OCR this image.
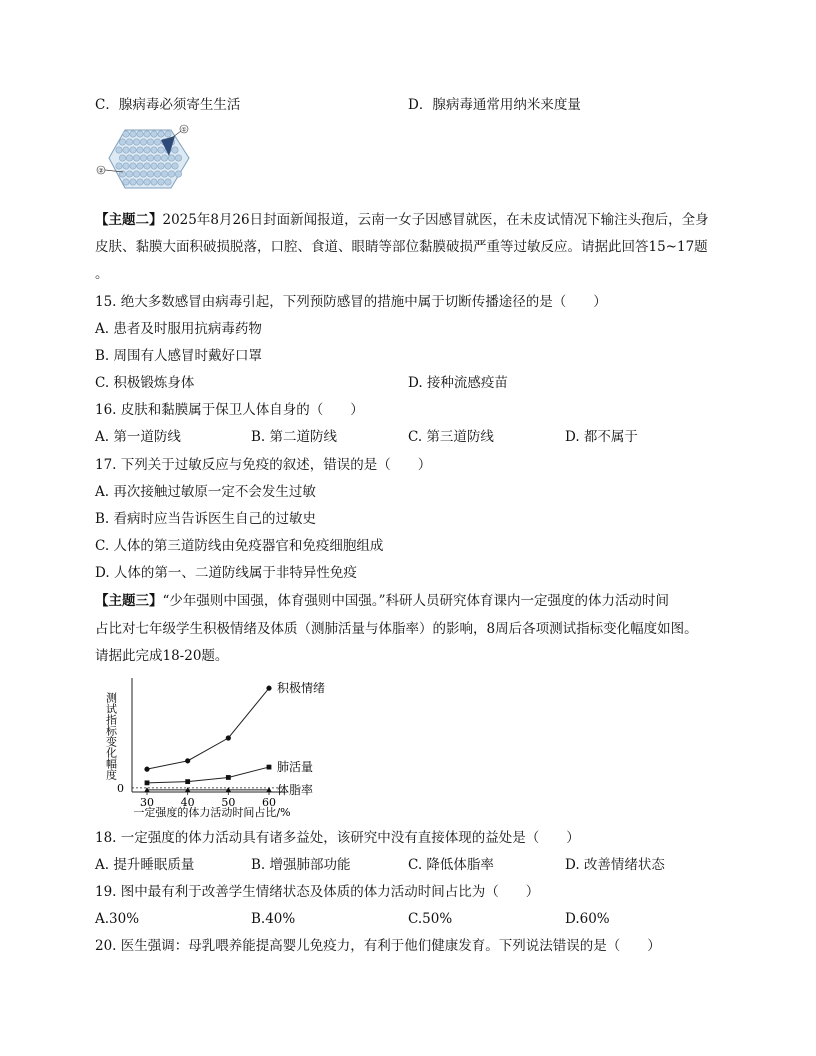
C．腺病毒必须寄生生活	D．腺病毒通常用纳米来度量
①
②
【主题二】2025年8月26日封面新闻报道，云南一女子因感冒就医，在未皮试情况下输注头孢后，全身
皮肤、黏膜大面积破损脱落，口腔、食道、眼睛等部位黏膜破损严重等过敏反应。请据此回答15~17题
。
15. 绝大多数感冒由病毒引起，下列预防感冒的措施中属于切断传播途径的是（　　）
A. 患者及时服用抗病毒药物
B. 周围有人感冒时戴好口罩
C. 积极锻炼身体	D. 接种流感疫苗
16. 皮肤和黏膜属于保卫人体自身的（　　）
A. 第一道防线	B. 第二道防线	C. 第三道防线	D. 都不属于
17. 下列关于过敏反应与免疫的叙述，错误的是（　　）
A. 再次接触过敏原一定不会发生过敏
B. 看病时应当告诉医生自己的过敏史
C. 人体的第三道防线由免疫器官和免疫细胞组成
D. 人体的第一、二道防线属于非特异性免疫
【主题三】“少年强则中国强，体育强则中国强。”科研人员研究体育课内一定强度的体力活动时间
占比对七年级学生积极情绪及体质（测肺活量与体脂率）的影响，8周后各项测试指标变化幅度如图。
请据此完成18-20题。
测试指标变化幅度
一定强度的体力活动时间占比/%
0
30 40 50 60
积极情绪
肺活量
体脂率
18. 一定强度的体力活动具有诸多益处，该研究中没有直接体现的益处是（　　）
A. 提升睡眠质量	B. 增强肺部功能	C. 降低体脂率	D. 改善情绪状态
19. 图中最有利于改善学生情绪状态及体质的体力活动时间占比为（　　）
A.30%	B.40%	C.50%	D.60%
20. 医生强调：母乳喂养能提高婴儿免疫力，有利于他们健康发育。下列说法错误的是（　　）
